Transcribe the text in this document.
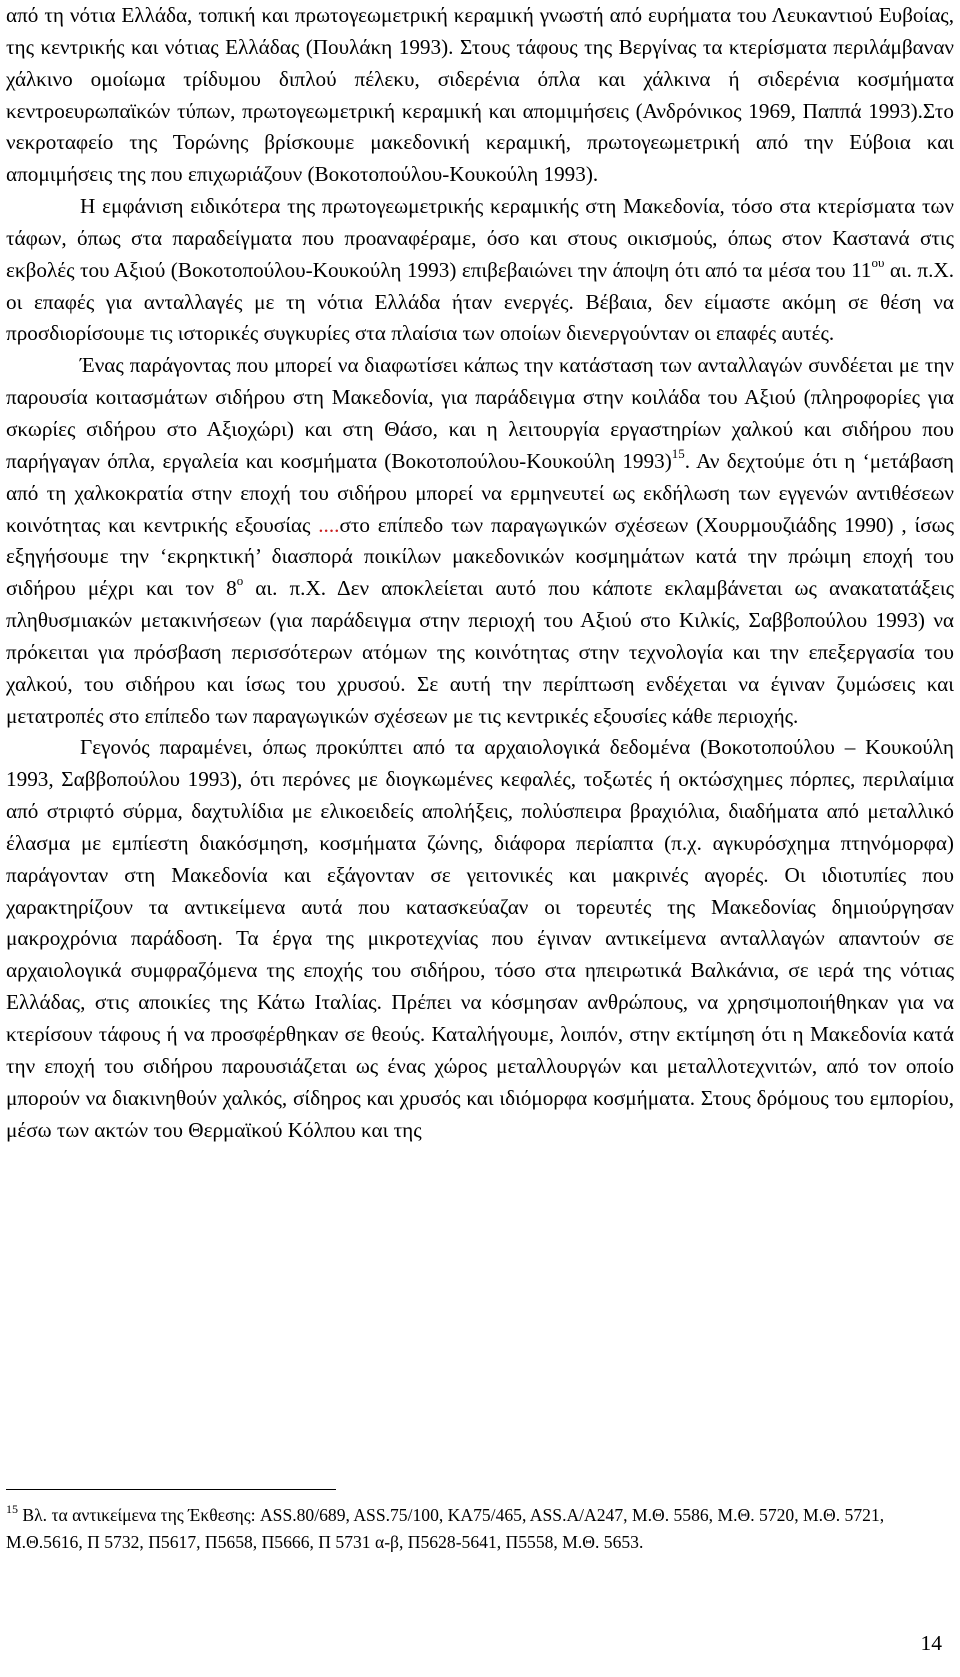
από τη νότια Ελλάδα, τοπική και πρωτογεωμετρική κεραμική γνωστή από ευρήματα του Λευκαντιού Ευβοίας, της κεντρικής και νότιας Ελλάδας (Πουλάκη 1993). Στους τάφους της Βεργίνας τα κτερίσματα περιλάμβαναν χάλκινο ομοίωμα τρίδυμου διπλού πέλεκυ, σιδερένια όπλα και χάλκινα ή σιδερένια κοσμήματα κεντροευρωπαϊκών τύπων, πρωτογεωμετρική κεραμική και απομιμήσεις (Ανδρόνικος 1969, Παππά 1993).Στο νεκροταφείο της Τορώνης βρίσκουμε μακεδονική κεραμική, πρωτογεωμετρική από την Εύβοια και απομιμήσεις της που επιχωριάζουν (Βοκοτοπούλου-Κουκούλη 1993).

Η εμφάνιση ειδικότερα της πρωτογεωμετρικής κεραμικής στη Μακεδονία, τόσο στα κτερίσματα των τάφων, όπως στα παραδείγματα που προαναφέραμε, όσο και στους οικισμούς, όπως στον Καστανά στις εκβολές του Αξιού (Βοκοτοπούλου-Κουκούλη 1993) επιβεβαιώνει την άποψη ότι από τα μέσα του $11^{o\upsilon}$ αι. π.Χ. οι επαφές για ανταλλαγές με τη νότια Ελλάδα ήταν ενεργές. Βέβαια, δεν είμαστε ακόμη σε θέση να προσδιορίσουμε τις ιστορικές συγκυρίες στα πλαίσια των οποίων διενεργούνταν οι επαφές αυτές.

Ένας παράγοντας που μπορεί να διαφωτίσει κάπως την κατάσταση των ανταλλαγών συνδέεται με την παρουσία κοιτασμάτων σιδήρου στη Μακεδονία, για παράδειγμα στην κοιλάδα του Αξιού (πληροφορίες για σκωρίες σιδήρου στο Αξιοχώρι) και στη Θάσο, και η λειτουργία εργαστηρίων χαλκού και σιδήρου που παρήγαγαν όπλα, εργαλεία και κοσμήματα (Βοκοτοπούλου-Κουκούλη 1993)$^{15}$. Αν δεχτούμε ότι η ‘μετάβαση από τη χαλκοκρατία στην εποχή του σιδήρου μπορεί να ερμηνευτεί ως εκδήλωση των εγγενών αντιθέσεων κοινότητας και κεντρικής εξουσίας ....στο επίπεδο των παραγωγικών σχέσεων (Χουρμουζιάδης 1990) , ίσως εξηγήσουμε την ‘εκρηκτική’ διασπορά ποικίλων μακεδονικών κοσμημάτων κατά την πρώιμη εποχή του σιδήρου μέχρι και τον $8^o$ αι. π.Χ. Δεν αποκλείεται αυτό που κάποτε εκλαμβάνεται ως ανακατατάξεις πληθυσμιακών μετακινήσεων (για παράδειγμα στην περιοχή του Αξιού στο Κιλκίς, Σαββοπούλου 1993) να πρόκειται για πρόσβαση περισσότερων ατόμων της κοινότητας στην τεχνολογία και την επεξεργασία του χαλκού, του σιδήρου και ίσως του χρυσού. Σε αυτή την περίπτωση ενδέχεται να έγιναν ζυμώσεις και μετατροπές στο επίπεδο των παραγωγικών σχέσεων με τις κεντρικές εξουσίες κάθε περιοχής.

Γεγονός παραμένει, όπως προκύπτει από τα αρχαιολογικά δεδομένα (Βοκοτοπούλου – Κουκούλη 1993, Σαββοπούλου 1993), ότι περόνες με διογκωμένες κεφαλές, τοξωτές ή οκτώσχημες πόρπες, περιλαίμια από στριφτό σύρμα, δαχτυλίδια με ελικοειδείς απολήξεις, πολύσπειρα βραχιόλια, διαδήματα από μεταλλικό έλασμα με εμπίεστη διακόσμηση, κοσμήματα ζώνης, διάφορα περίαπτα (π.χ. αγκυρόσχημα πτηνόμορφα) παράγονταν στη Μακεδονία και εξάγονταν σε γειτονικές και μακρινές αγορές. Οι ιδιοτυπίες που χαρακτηρίζουν τα αντικείμενα αυτά που κατασκεύαζαν οι τορευτές της Μακεδονίας δημιούργησαν μακροχρόνια παράδοση. Τα έργα της μικροτεχνίας που έγιναν αντικείμενα ανταλλαγών απαντούν σε αρχαιολογικά συμφραζόμενα της εποχής του σιδήρου, τόσο στα ηπειρωτικά Βαλκάνια, σε ιερά της νότιας Ελλάδας, στις αποικίες της Κάτω Ιταλίας. Πρέπει να κόσμησαν ανθρώπους, να χρησιμοποιήθηκαν για να κτερίσουν τάφους ή να προσφέρθηκαν σε θεούς. Καταλήγουμε, λοιπόν, στην εκτίμηση ότι η Μακεδονία κατά την εποχή του σιδήρου παρουσιάζεται ως ένας χώρος μεταλλουργών και μεταλλοτεχνιτών, από τον οποίο μπορούν να διακινηθούν χαλκός, σίδηρος και χρυσός και ιδιόμορφα κοσμήματα. Στους δρόμους του εμπορίου, μέσω των ακτών του Θερμαϊκού Κόλπου και της

$^{15}$ Βλ. τα αντικείμενα της Έκθεσης: ASS.80/689, ASS.75/100, KA75/465, ASS.A/A247, Μ.Θ. 5586, Μ.Θ. 5720, Μ.Θ. 5721, Μ.Θ.5616, Π 5732, Π5617, Π5658, Π5666, Π 5731 α-β, Π5628-5641, Π5558, Μ.Θ. 5653.
14
